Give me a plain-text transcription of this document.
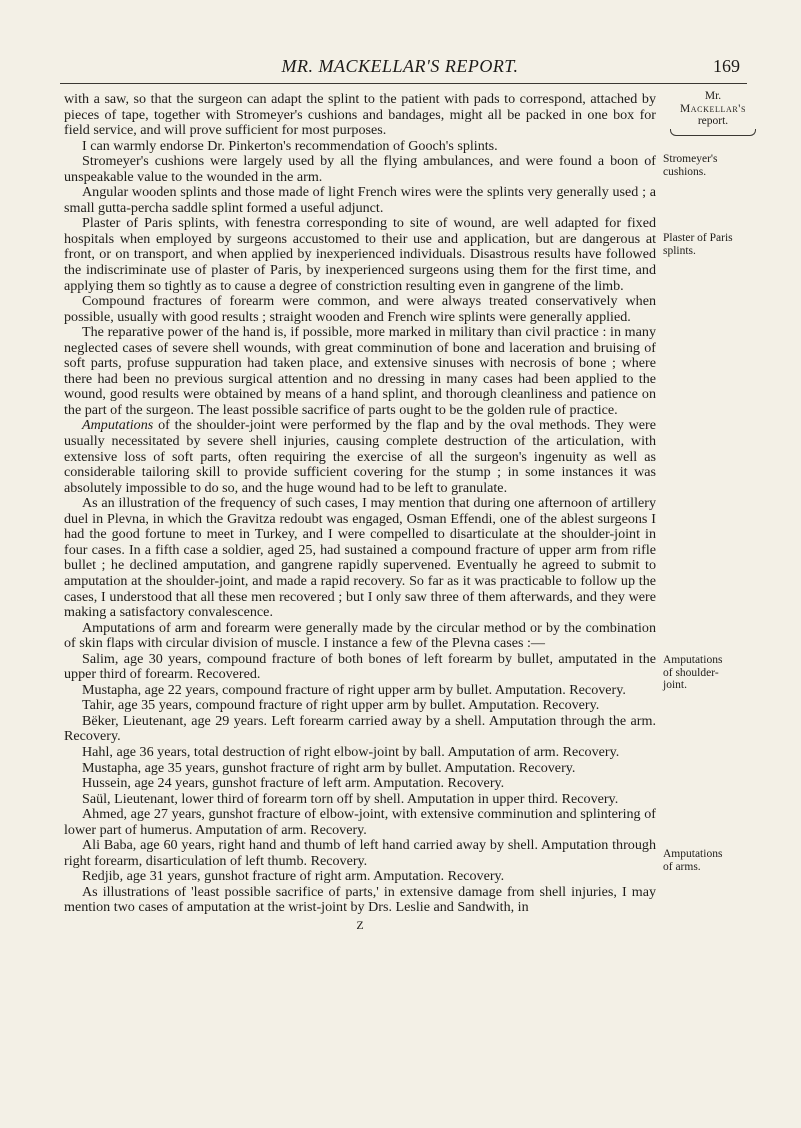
MR. MACKELLAR'S REPORT.	169
Mr.
Mackellar's
report.
Stromeyer's
cushions.
Plaster of Paris
splints.
Amputations
of shoulder-
joint.
Amputations
of arms.

with a saw, so that the surgeon can adapt the splint to the patient with pads to correspond, attached by pieces of tape, together with Stromeyer's cushions and bandages, might all be packed in one box for field service, and will prove sufficient for most purposes.

I can warmly endorse Dr. Pinkerton's recommendation of Gooch's splints.

Stromeyer's cushions were largely used by all the flying ambulances, and were found a boon of unspeakable value to the wounded in the arm.

Angular wooden splints and those made of light French wires were the splints very generally used ; a small gutta-percha saddle splint formed a useful adjunct.

Plaster of Paris splints, with fenestra corresponding to site of wound, are well adapted for fixed hospitals when employed by surgeons accustomed to their use and application, but are dangerous at front, or on transport, and when applied by inexperienced individuals. Disastrous results have followed the indiscriminate use of plaster of Paris, by inexperienced surgeons using them for the first time, and applying them so tightly as to cause a degree of constriction resulting even in gangrene of the limb.

Compound fractures of forearm were common, and were always treated conservatively when possible, usually with good results ; straight wooden and French wire splints were generally applied.

The reparative power of the hand is, if possible, more marked in military than civil practice : in many neglected cases of severe shell wounds, with great comminution of bone and laceration and bruising of soft parts, profuse suppuration had taken place, and extensive sinuses with necrosis of bone ; where there had been no previous surgical attention and no dressing in many cases had been applied to the wound, good results were obtained by means of a hand splint, and thorough cleanliness and patience on the part of the surgeon. The least possible sacrifice of parts ought to be the golden rule of practice.

Amputations of the shoulder-joint were performed by the flap and by the oval methods. They were usually necessitated by severe shell injuries, causing complete destruction of the articulation, with extensive loss of soft parts, often requiring the exercise of all the surgeon's ingenuity as well as considerable tailoring skill to provide sufficient covering for the stump ; in some instances it was absolutely impossible to do so, and the huge wound had to be left to granulate.

As an illustration of the frequency of such cases, I may mention that during one afternoon of artillery duel in Plevna, in which the Gravitza redoubt was engaged, Osman Effendi, one of the ablest surgeons I had the good fortune to meet in Turkey, and I were compelled to disarticulate at the shoulder-joint in four cases. In a fifth case a soldier, aged 25, had sustained a compound fracture of upper arm from rifle bullet ; he declined amputation, and gangrene rapidly supervened. Eventually he agreed to submit to amputation at the shoulder-joint, and made a rapid recovery. So far as it was practicable to follow up the cases, I understood that all these men recovered ; but I only saw three of them afterwards, and they were making a satisfactory convalescence.

Amputations of arm and forearm were generally made by the circular method or by the combination of skin flaps with circular division of muscle. I instance a few of the Plevna cases :—

Salim, age 30 years, compound fracture of both bones of left forearm by bullet, amputated in the upper third of forearm. Recovered.

Mustapha, age 22 years, compound fracture of right upper arm by bullet. Amputation. Recovery.

Tahir, age 35 years, compound fracture of right upper arm by bullet. Amputation. Recovery.

Bëker, Lieutenant, age 29 years. Left forearm carried away by a shell. Amputation through the arm. Recovery.

Hahl, age 36 years, total destruction of right elbow-joint by ball. Amputation of arm. Recovery.

Mustapha, age 35 years, gunshot fracture of right arm by bullet. Amputation. Recovery.

Hussein, age 24 years, gunshot fracture of left arm. Amputation. Recovery.

Saül, Lieutenant, lower third of forearm torn off by shell. Amputation in upper third. Recovery.

Ahmed, age 27 years, gunshot fracture of elbow-joint, with extensive comminution and splintering of lower part of humerus. Amputation of arm. Recovery.

Ali Baba, age 60 years, right hand and thumb of left hand carried away by shell. Amputation through right forearm, disarticulation of left thumb. Recovery.

Redjib, age 31 years, gunshot fracture of right arm. Amputation. Recovery.

As illustrations of 'least possible sacrifice of parts,' in extensive damage from shell injuries, I may mention two cases of amputation at the wrist-joint by Drs. Leslie and Sandwith, in

Z
